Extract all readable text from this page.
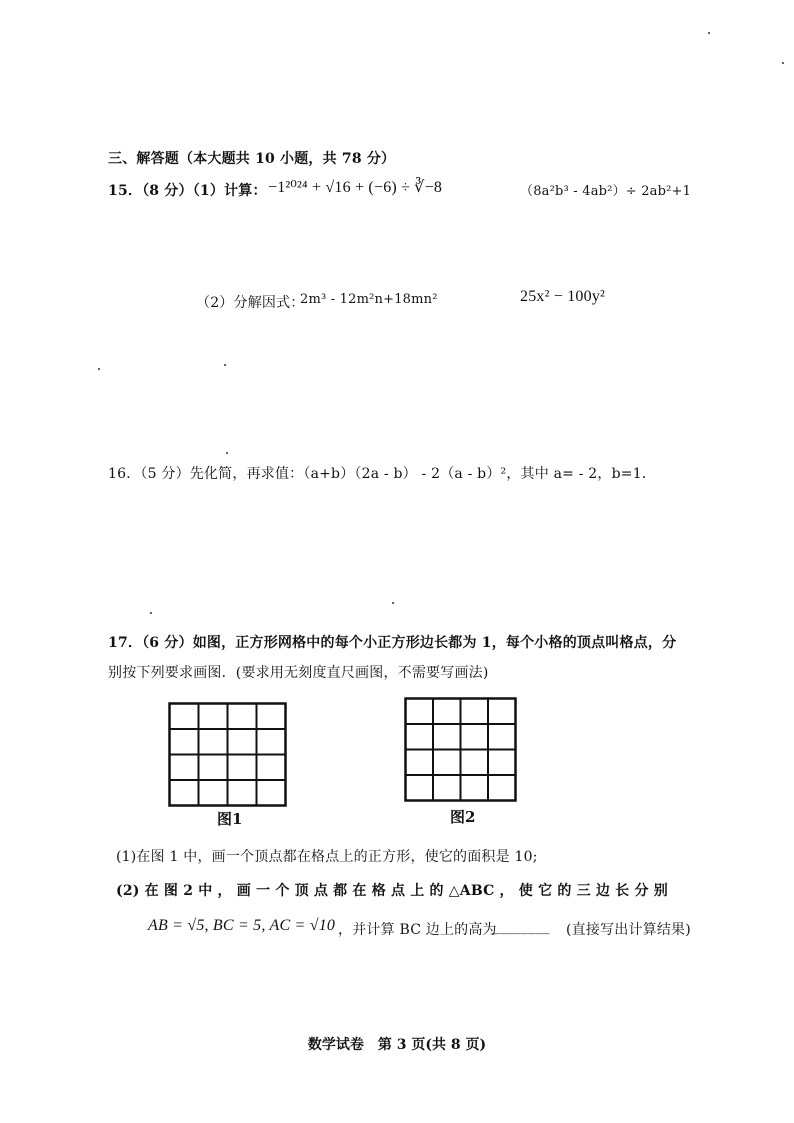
三、解答题（本大题共 10 小题，共 78 分）
15．（8 分）（1）计算： −1²⁰²⁴ + √16 + (−6) ÷ ∛−8	（8a²b³ - 4ab²）÷ 2ab²+1
（2）分解因式：
2m³ - 12m²n+18mn²	25x² − 100y²
16．（5 分）先化简，再求值：（a+b）（2a - b） - 2（a - b）²，其中 a= - 2，b=1．
17．（6 分）如图，正方形网格中的每个小正方形边长都为 1，每个小格的顶点叫格点，分
别按下列要求画图．(要求用无刻度直尺画图，不需要写画法)
图1	图2
(1)在图 1 中，画一个顶点都在格点上的正方形，使它的面积是 10;
(2) 在 图 2 中 ， 画 一 个 顶 点 都 在 格 点 上 的 △ABC ， 使 它 的 三 边 长 分 别
AB = √5, BC = 5, AC = √10 ，并计算 BC 边上的高为
________ (直接写出计算结果)
数学试卷　第 3 页(共 8 页)
